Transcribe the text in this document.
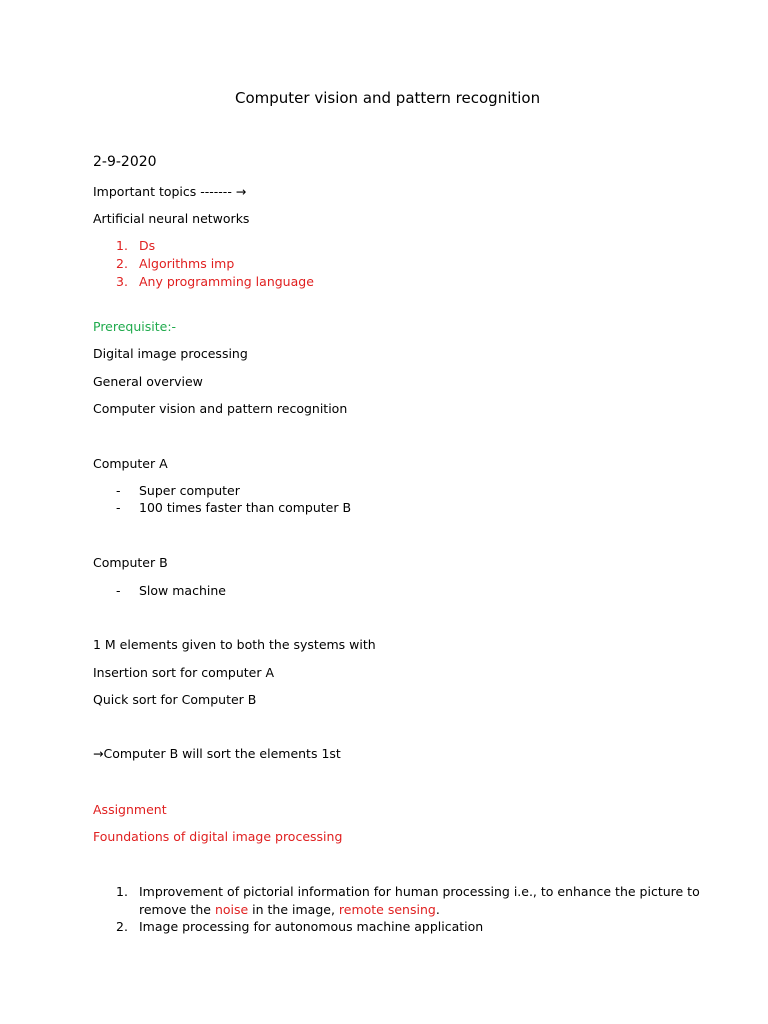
Computer vision and pattern recognition
2-9-2020
Important topics ------- →
Artificial neural networks
1. Ds
2. Algorithms imp
3. Any programming language
Prerequisite:-
Digital image processing
General overview
Computer vision and pattern recognition
Computer A
- Super computer
- 100 times faster than computer B
Computer B
- Slow machine
1 M elements given to both the systems with
Insertion sort for computer A
Quick sort for Computer B
→Computer B will sort the elements 1st
Assignment
Foundations of digital image processing
1. Improvement of pictorial information for human processing i.e., to enhance the picture to
remove the noise in the image, remote sensing.
2. Image processing for autonomous machine application
